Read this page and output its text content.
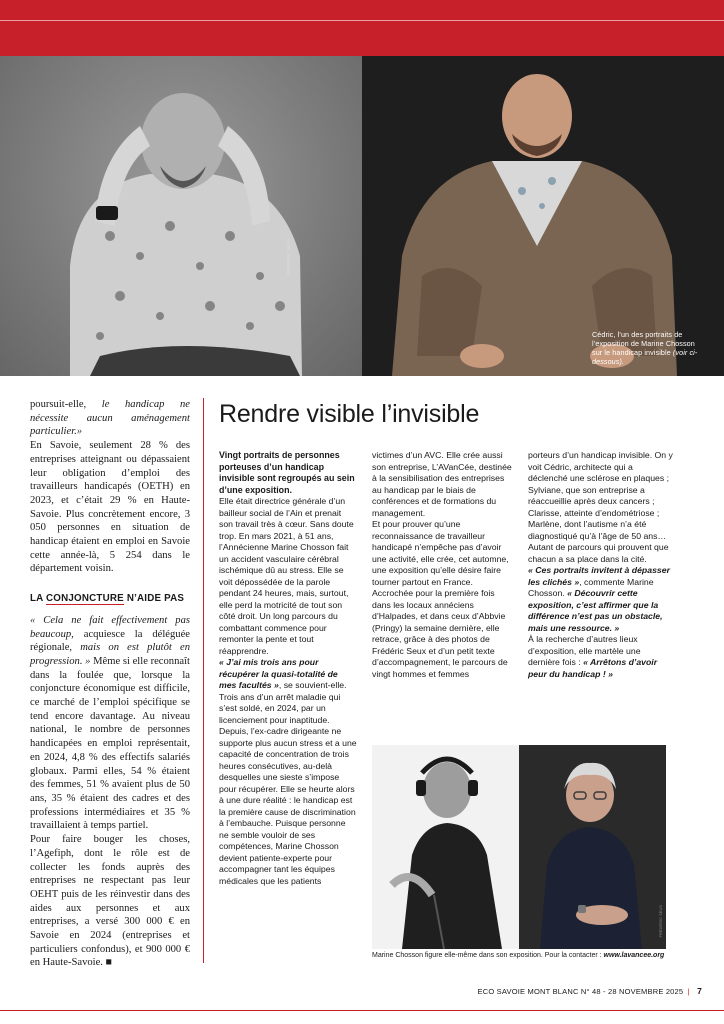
FRÉDÉRIC SEUX
Cédric, l’un des portraits de l’exposition de Marine Chosson sur le handicap invisible (voir ci-dessous).

poursuit-elle, le handicap ne nécessite aucun aménagement particulier.»

En Savoie, seulement 28 % des entreprises atteignant ou dépassaient leur obligation d’emploi des travailleurs handicapés (OETH) en 2023, et c’était 29 % en Haute-Savoie. Plus concrètement encore, 3 050 personnes en situation de handicap étaient en emploi en Savoie cette année-là, 5 254 dans le département voisin.

LA CONJONCTURE N’AIDE PAS

« Cela ne fait effectivement pas beaucoup, acquiesce la déléguée régionale, mais on est plutôt en progression. » Même si elle reconnaît dans la foulée que, lorsque la conjoncture économique est difficile, ce marché de l’emploi spécifique se tend encore davantage. Au niveau national, le nombre de personnes handicapées en emploi représentait, en 2024, 4,8 % des effectifs salariés globaux. Parmi elles, 54 % étaient des femmes, 51 % avaient plus de 50 ans, 35 % étaient des cadres et des professions intermédiaires et 35 % travaillaient à temps partiel.

Pour faire bouger les choses, l’Agefiph, dont le rôle est de collecter les fonds auprès des entreprises ne respectant pas leur OEHT puis de les réinvestir dans des aides aux personnes et aux entreprises, a versé 300 000 € en Savoie en 2024 (entreprises et particuliers confondus), et 900 000 € en Haute-Savoie. ■

Rendre visible l’invisible

Vingt portraits de personnes porteuses d’un handicap invisible sont regroupés au sein d’une exposition.

Elle était directrice générale d’un bailleur social de l’Ain et prenait son travail très à cœur. Sans doute trop. En mars 2021, à 51 ans, l’Annécienne Marine Chosson fait un accident vasculaire cérébral ischémique dû au stress. Elle se voit dépossédée de la parole pendant 24 heures, mais, surtout, elle perd la motricité de tout son côté droit. Un long parcours du combattant commence pour remonter la pente et tout réapprendre.

« J’ai mis trois ans pour récupérer la quasi-totalité de mes facultés », se souvient-elle. Trois ans d’un arrêt maladie qui s’est soldé, en 2024, par un licenciement pour inaptitude. Depuis, l’ex-cadre dirigeante ne supporte plus aucun stress et a une capacité de concentration de trois heures consécutives, au-delà desquelles une sieste s’impose pour récupérer. Elle se heurte alors à une dure réalité : le handicap est la première cause de discrimination à l’embauche. Puisque personne ne semble vouloir de ses compétences, Marine Chosson devient patiente-experte pour accompagner tant les équipes médicales que les patients

victimes d’un AVC. Elle crée aussi son entreprise, L’AVanCée, destinée à la sensibilisation des entreprises au handicap par le biais de conférences et de formations du management.

Et pour prouver qu’une reconnaissance de travailleur handicapé n’empêche pas d’avoir une activité, elle crée, cet automne, une exposition qu’elle désire faire tourner partout en France. Accrochée pour la première fois dans les locaux annéciens d’Halpades, et dans ceux d’Abbvie (Pringy) la semaine dernière, elle retrace, grâce à des photos de Frédéric Seux et d’un petit texte d’accompagnement, le parcours de vingt hommes et femmes

porteurs d’un handicap invisible. On y voit Cédric, architecte qui a déclenché une sclérose en plaques ; Sylviane, que son entreprise a réaccueillie après deux cancers ; Clarisse, atteinte d’endométriose ; Marlène, dont l’autisme n’a été diagnostiqué qu’à l’âge de 50 ans… Autant de parcours qui prouvent que chacun a sa place dans la cité.

« Ces portraits invitent à dépasser les clichés », commente Marine Chosson. « Découvrir cette exposition, c’est affirmer que la différence n’est pas un obstacle, mais une ressource. »

À la recherche d’autres lieux d’exposition, elle martèle une dernière fois : « Arrêtons d’avoir peur du handicap ! »

FRÉDÉRIC SEUX
Marine Chosson figure elle-même dans son exposition. Pour la contacter : www.lavancee.org
ECO SAVOIE MONT BLANC N° 48 - 28 NOVEMBRE 2025 | 7
